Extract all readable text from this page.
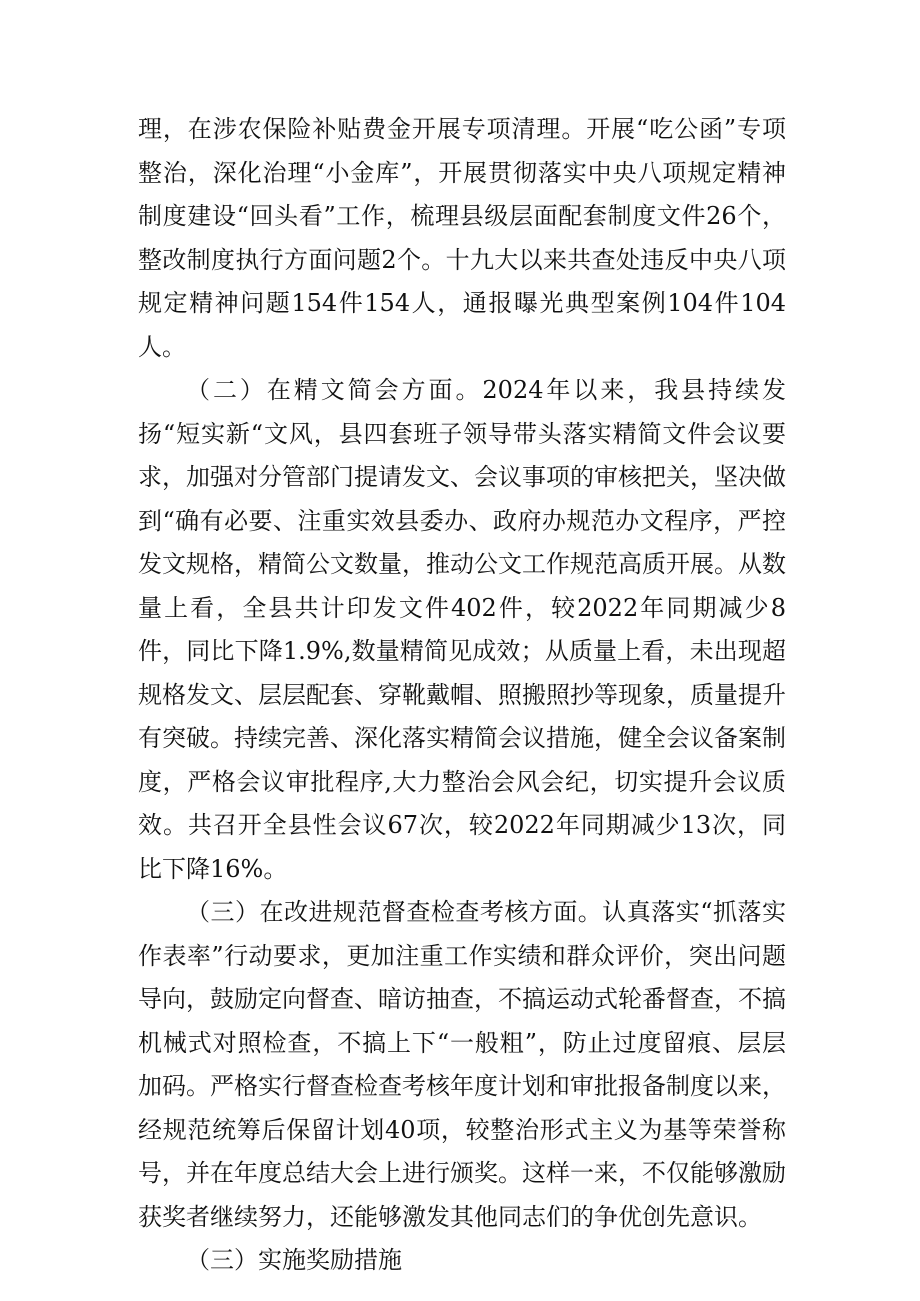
理，在涉农保险补贴费金开展专项清理。开展“吃公函”专项整治，深化治理“小金库”，开展贯彻落实中央八项规定精神制度建设“回头看”工作，梳理县级层面配套制度文件26个，整改制度执行方面问题2个。十九大以来共查处违反中央八项规定精神问题154件154人，通报曝光典型案例104件104人。

（二）在精文简会方面。2024年以来，我县持续发扬“短实新“文风，县四套班子领导带头落实精简文件会议要求，加强对分管部门提请发文、会议事项的审核把关，坚决做到“确有必要、注重实效县委办、政府办规范办文程序，严控发文规格，精简公文数量，推动公文工作规范高质开展。从数量上看，全县共计印发文件402件，较2022年同期减少8件，同比下降1.9%,数量精简见成效；从质量上看，未出现超规格发文、层层配套、穿靴戴帽、照搬照抄等现象，质量提升有突破。持续完善、深化落实精简会议措施，健全会议备案制度，严格会议审批程序,大力整治会风会纪，切实提升会议质效。共召开全县性会议67次，较2022年同期减少13次，同比下降16%。

（三）在改进规范督查检查考核方面。认真落实“抓落实作表率”行动要求，更加注重工作实绩和群众评价，突出问题导向，鼓励定向督查、暗访抽查，不搞运动式轮番督查，不搞机械式对照检查，不搞上下“一般粗”，防止过度留痕、层层加码。严格实行督查检查考核年度计划和审批报备制度以来，经规范统筹后保留计划40项，较整治形式主义为基等荣誉称号，并在年度总结大会上进行颁奖。这样一来，不仅能够激励获奖者继续努力，还能够激发其他同志们的争优创先意识。

（三）实施奖励措施
